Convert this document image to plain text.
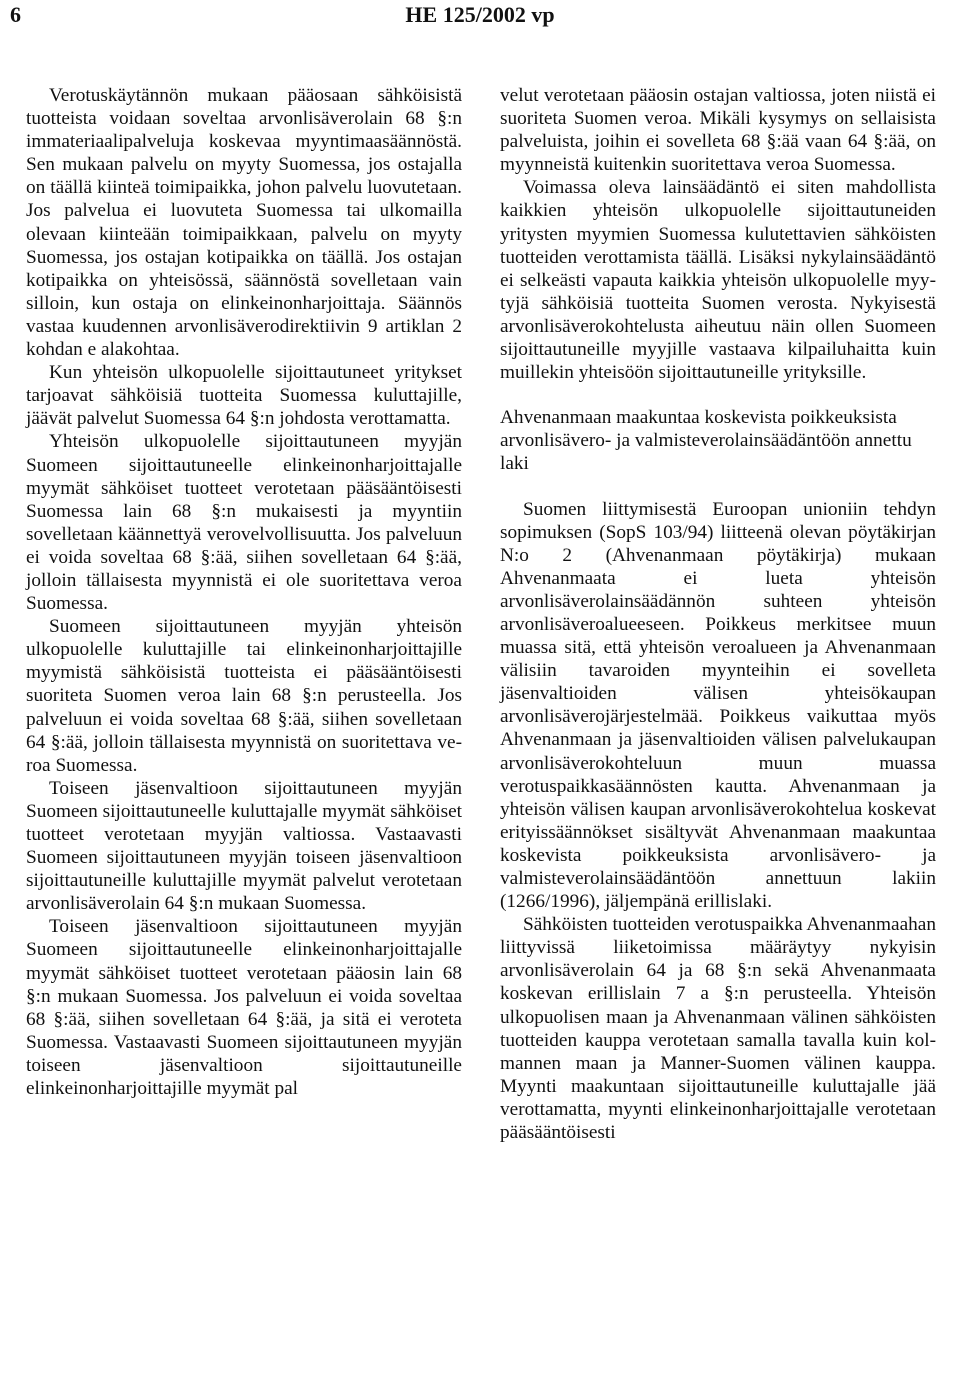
6	HE 125/2002 vp

Verotuskäytännön mukaan pääosaan sähköisistä tuotteista voidaan soveltaa arvonlisäverolain 68 §:n immateriaalipalveluja koskevaa myyntimaasäännöstä. Sen mukaan palvelu on myyty Suomessa, jos ostajalla on täällä kiinteä toimipaikka, johon palvelu luovutetaan. Jos palvelua ei luovuteta Suomessa tai ulkomailla olevaan kiinteään toimipaikkaan, palvelu on myyty Suomessa, jos ostajan kotipaikka on täällä. Jos ostajan kotipaikka on yhteisössä, säännöstä sovelletaan vain silloin, kun ostaja on elinkeinonharjoittaja. Säännös vastaa kuudennen arvonlisäverodirektiivin 9 artiklan 2 kohdan e alakohtaa.

Kun yhteisön ulkopuolelle sijoittautuneet yritykset tarjoavat sähköisiä tuotteita Suomessa kuluttajille, jäävät palvelut Suomessa 64 §:n johdosta verottamatta.

Yhteisön ulkopuolelle sijoittautuneen myyjän Suomeen sijoittautuneelle elinkeinonharjoittajalle myymät sähköiset tuotteet verotetaan pääsääntöisesti Suomessa lain 68 §:n mukaisesti ja myyntiin sovelletaan käännettyä verovelvollisuutta. Jos palveluun ei voida soveltaa 68 §:ää, siihen sovelletaan 64 §:ää, jolloin tällaisesta myynnistä ei ole suoritettava veroa Suomessa.

Suomeen sijoittautuneen myyjän yhteisön ulkopuolelle kuluttajille tai elinkeinonharjoittajille myymistä sähköisistä tuotteista ei pääsääntöisesti suoriteta Suomen veroa lain 68 §:n perusteella. Jos palveluun ei voida soveltaa 68 §:ää, siihen sovelletaan 64 §:ää, jolloin tällaisesta myynnistä on suoritettava veroa Suomessa.

Toiseen jäsenvaltioon sijoittautuneen myyjän Suomeen sijoittautuneelle kuluttajalle myymät sähköiset tuotteet verotetaan myyjän valtiossa. Vastaavasti Suomeen sijoittautuneen myyjän toiseen jäsenvaltioon sijoittautuneille kuluttajille myymät palvelut verotetaan arvonlisäverolain 64 §:n mukaan Suomessa.

Toiseen jäsenvaltioon sijoittautuneen myyjän Suomeen sijoittautuneelle elinkeinonharjoittajalle myymät sähköiset tuotteet verotetaan pääosin lain 68 §:n mukaan Suomessa. Jos palveluun ei voida soveltaa 68 §:ää, siihen sovelletaan 64 §:ää, ja sitä ei veroteta Suomessa. Vastaavasti Suomeen sijoittautuneen myyjän toiseen jäsenvaltioon sijoittautuneille elinkeinonharjoittajille myymät pal

velut verotetaan pääosin ostajan valtiossa, joten niistä ei suoriteta Suomen veroa. Mikäli kysymys on sellaisista palveluista, joihin ei sovelleta 68 §:ää vaan 64 §:ää, on myynneistä kuitenkin suoritettava veroa Suomessa.

Voimassa oleva lainsäädäntö ei siten mahdollista kaikkien yhteisön ulkopuolelle sijoittautuneiden yritysten myymien Suomessa kulutettavien sähköisten tuotteiden verottamista täällä. Lisäksi nykylainsäädäntö ei selkeästi vapauta kaikkia yhteisön ulkopuolelle myytyjä sähköisiä tuotteita Suomen verosta. Nykyisestä arvonlisäverokohtelusta aiheutuu näin ollen Suomeen sijoittautuneille myyjille vastaava kilpailuhaitta kuin muillekin yhteisöön sijoittautuneille yrityksille.

Ahvenanmaan maakuntaa koskevista poikkeuksista arvonlisävero- ja valmisteverolainsäädäntöön annettu laki

Suomen liittymisestä Euroopan unioniin tehdyn sopimuksen (SopS 103/94) liitteenä olevan pöytäkirjan N:o 2 (Ahvenanmaan pöytäkirja) mukaan Ahvenanmaata ei lueta yhteisön arvonlisäverolainsäädännön suhteen yhteisön arvonlisäveroalueeseen. Poikkeus merkitsee muun muassa sitä, että yhteisön veroalueen ja Ahvenanmaan välisiin tavaroiden myynteihin ei sovelleta jäsenvaltioiden välisen yhteisökaupan arvonlisäverojärjestelmää. Poikkeus vaikuttaa myös Ahvenanmaan ja jäsenvaltioiden välisen palvelukaupan arvonlisäverokohteluun muun muassa verotuspaikkasäännösten kautta. Ahvenanmaan ja yhteisön välisen kaupan arvonlisäverokohtelua koskevat erityissäännökset sisältyvät Ahvenanmaan maakuntaa koskevista poikkeuksista arvonlisävero- ja valmisteverolainsäädäntöön annettuun lakiin (1266/1996), jäljempänä erillislaki.

Sähköisten tuotteiden verotuspaikka Ahvenanmaahan liittyvissä liiketoimissa määräytyy nykyisin arvonlisäverolain 64 ja 68 §:n sekä Ahvenanmaata koskevan erillislain 7 a §:n perusteella. Yhteisön ulkopuolisen maan ja Ahvenanmaan välinen sähköisten tuotteiden kauppa verotetaan samalla tavalla kuin kolmannen maan ja Manner-Suomen välinen kauppa. Myynti maakuntaan sijoittautuneille kuluttajalle jää verottamatta, myynti elinkeinonharjoittajalle verotetaan pääsääntöisesti
